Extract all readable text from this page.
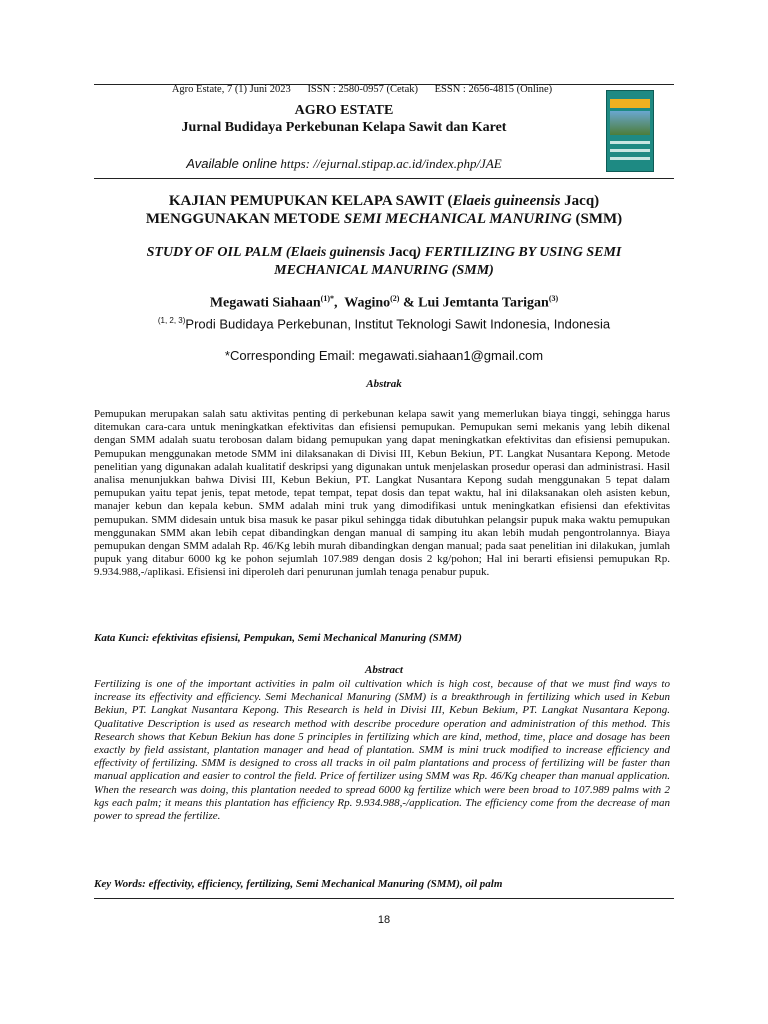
Agro Estate, 7 (1) Juni 2023 ISSN : 2580-0957 (Cetak) ESSN : 2656-4815 (Online)
AGRO ESTATE
Jurnal Budidaya Perkebunan Kelapa Sawit dan Karet
Available online https: //ejurnal.stipap.ac.id/index.php/JAE
KAJIAN PEMUPUKAN KELAPA SAWIT (Elaeis guineensis Jacq)
MENGGUNAKAN METODE SEMI MECHANICAL MANURING (SMM)
STUDY OF OIL PALM (Elaeis guinensis Jacq) FERTILIZING BY USING SEMI
MECHANICAL MANURING (SMM)
Megawati Siahaan$^{(1)*}$,  Wagino$^{(2)}$ & Lui Jemtanta Tarigan$^{(3)}$
$^{(1, 2, 3)}$Prodi Budidaya Perkebunan, Institut Teknologi Sawit Indonesia, Indonesia
*Corresponding Email: megawati.siahaan1@gmail.com
Abstrak

Pemupukan merupakan salah satu aktivitas penting di perkebunan kelapa sawit yang memerlukan biaya tinggi, sehingga harus ditemukan cara-cara untuk meningkatkan efektivitas dan efisiensi pemupukan. Pemupukan semi mekanis yang lebih dikenal dengan SMM adalah suatu terobosan dalam bidang pemupukan yang dapat meningkatkan efektivitas dan efisiensi pemupukan. Pemupukan menggunakan metode SMM ini dilaksanakan di Divisi III, Kebun Bekiun, PT. Langkat Nusantara Kepong. Metode penelitian yang digunakan adalah kualitatif deskripsi yang digunakan untuk menjelaskan prosedur operasi dan administrasi. Hasil analisa menunjukkan bahwa Divisi III, Kebun Bekiun, PT. Langkat Nusantara Kepong sudah menggunakan 5 tepat dalam pemupukan yaitu tepat jenis, tepat metode, tepat tempat, tepat dosis dan tepat waktu, hal ini dilaksanakan oleh asisten kebun, manajer kebun dan kepala kebun. SMM adalah mini truk yang dimodifikasi untuk meningkatkan efisiensi dan efektivitas pemupukan. SMM didesain untuk bisa masuk ke pasar pikul sehingga tidak dibutuhkan pelangsir pupuk maka waktu pemupukan menggunakan SMM akan lebih cepat dibandingkan dengan manual di samping itu akan lebih mudah pengontrolannya. Biaya pemupukan dengan SMM adalah Rp. 46/Kg lebih murah dibandingkan dengan manual; pada saat penelitian ini dilakukan, jumlah pupuk yang ditabur 6000 kg ke pohon sejumlah 107.989 dengan dosis 2 kg/pohon; Hal ini berarti efisiensi pemupukan Rp. 9.934.988,-/aplikasi. Efisiensi ini diperoleh dari penurunan jumlah tenaga penabur pupuk.

Kata Kunci: efektivitas efisiensi, Pempukan, Semi Mechanical Manuring (SMM)
Abstract

Fertilizing is one of the important activities in palm oil cultivation which is high cost, because of that we must find ways to increase its effectivity and efficiency. Semi Mechanical Manuring (SMM) is a breakthrough in fertilizing which used in Kebun Bekiun, PT. Langkat Nusantara Kepong. This Research is held in Divisi III, Kebun Bekium, PT. Langkat Nusantara Kepong. Qualitative Description is used as research method with describe procedure operation and administration of this method. This Research shows that Kebun Bekiun has done 5 principles in fertilizing which are kind, method, time, place and dosage has been exactly by field assistant, plantation manager and head of plantation. SMM is mini truck modified to increase efficiency and effectivity of fertilizing. SMM is designed to cross all tracks in oil palm plantations and process of fertilizing will be faster than manual application and easier to control the field. Price of fertilizer using SMM was Rp. 46/Kg cheaper than manual application. When the research was doing, this plantation needed to spread 6000 kg fertilize which were been broad to 107.989 palms with 2 kgs each palm; it means this plantation has efficiency Rp. 9.934.988,-/application. The efficiency come from the decrease of man power to spread the fertilize.

Key Words: effectivity, efficiency, fertilizing, Semi Mechanical Manuring (SMM), oil palm
18
